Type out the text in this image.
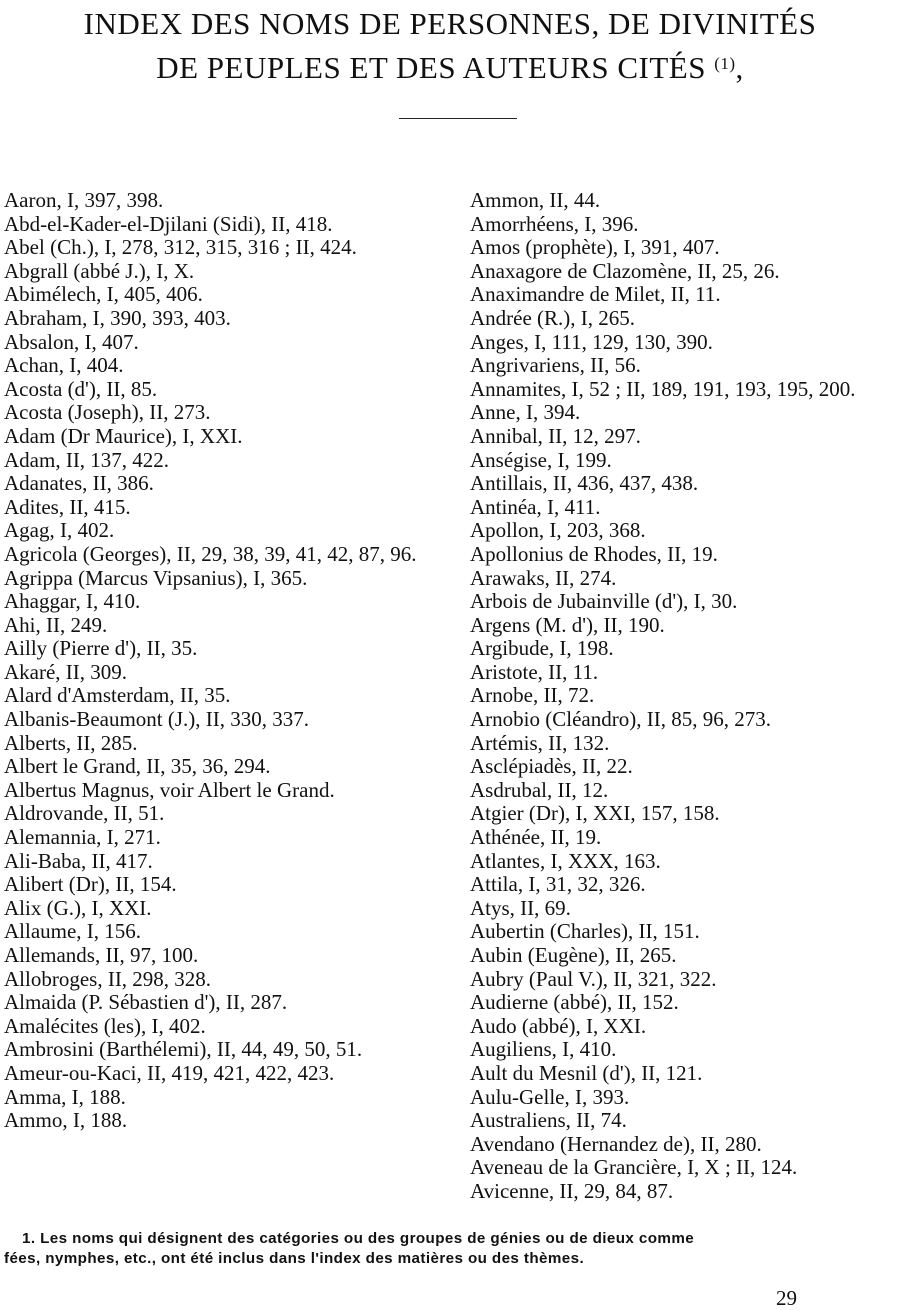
INDEX DES NOMS DE PERSONNES, DE DIVINITÉS
DE PEUPLES ET DES AUTEURS CITÉS $^{(1)}$,
Aaron, I, 397, 398.
Abd-el-Kader-el-Djilani (Sidi), II, 418.
Abel (Ch.), I, 278, 312, 315, 316 ; II, 424.
Abgrall (abbé J.), I, X.
Abimélech, I, 405, 406.
Abraham, I, 390, 393, 403.
Absalon, I, 407.
Achan, I, 404.
Acosta (d'), II, 85.
Acosta (Joseph), II, 273.
Adam (Dr Maurice), I, XXI.
Adam, II, 137, 422.
Adanates, II, 386.
Adites, II, 415.
Agag, I, 402.
Agricola (Georges), II, 29, 38, 39, 41, 42, 87, 96.
Agrippa (Marcus Vipsanius), I, 365.
Ahaggar, I, 410.
Ahi, II, 249.
Ailly (Pierre d'), II, 35.
Akaré, II, 309.
Alard d'Amsterdam, II, 35.
Albanis-Beaumont (J.), II, 330, 337.
Alberts, II, 285.
Albert le Grand, II, 35, 36, 294.
Albertus Magnus, voir Albert le Grand.
Aldrovande, II, 51.
Alemannia, I, 271.
Ali-Baba, II, 417.
Alibert (Dr), II, 154.
Alix (G.), I, XXI.
Allaume, I, 156.
Allemands, II, 97, 100.
Allobroges, II, 298, 328.
Almaida (P. Sébastien d'), II, 287.
Amalécites (les), I, 402.
Ambrosini (Barthélemi), II, 44, 49, 50, 51.
Ameur-ou-Kaci, II, 419, 421, 422, 423.
Amma, I, 188.
Ammo, I, 188.
Ammon, II, 44.
Amorrhéens, I, 396.
Amos (prophète), I, 391, 407.
Anaxagore de Clazomène, II, 25, 26.
Anaximandre de Milet, II, 11.
Andrée (R.), I, 265.
Anges, I, 111, 129, 130, 390.
Angrivariens, II, 56.
Annamites, I, 52 ; II, 189, 191, 193, 195, 200.
Anne, I, 394.
Annibal, II, 12, 297.
Anségise, I, 199.
Antillais, II, 436, 437, 438.
Antinéa, I, 411.
Apollon, I, 203, 368.
Apollonius de Rhodes, II, 19.
Arawaks, II, 274.
Arbois de Jubainville (d'), I, 30.
Argens (M. d'), II, 190.
Argibude, I, 198.
Aristote, II, 11.
Arnobe, II, 72.
Arnobio (Cléandro), II, 85, 96, 273.
Artémis, II, 132.
Asclépiadès, II, 22.
Asdrubal, II, 12.
Atgier (Dr), I, XXI, 157, 158.
Athénée, II, 19.
Atlantes, I, XXX, 163.
Attila, I, 31, 32, 326.
Atys, II, 69.
Aubertin (Charles), II, 151.
Aubin (Eugène), II, 265.
Aubry (Paul V.), II, 321, 322.
Audierne (abbé), II, 152.
Audo (abbé), I, XXI.
Augiliens, I, 410.
Ault du Mesnil (d'), II, 121.
Aulu-Gelle, I, 393.
Australiens, II, 74.
Avendano (Hernandez de), II, 280.
Aveneau de la Grancière, I, X ; II, 124.
Avicenne, II, 29, 84, 87.
1. Les noms qui désignent des catégories ou des groupes de génies ou de dieux comme
fées, nymphes, etc., ont été inclus dans l'index des matières ou des thèmes.
29
